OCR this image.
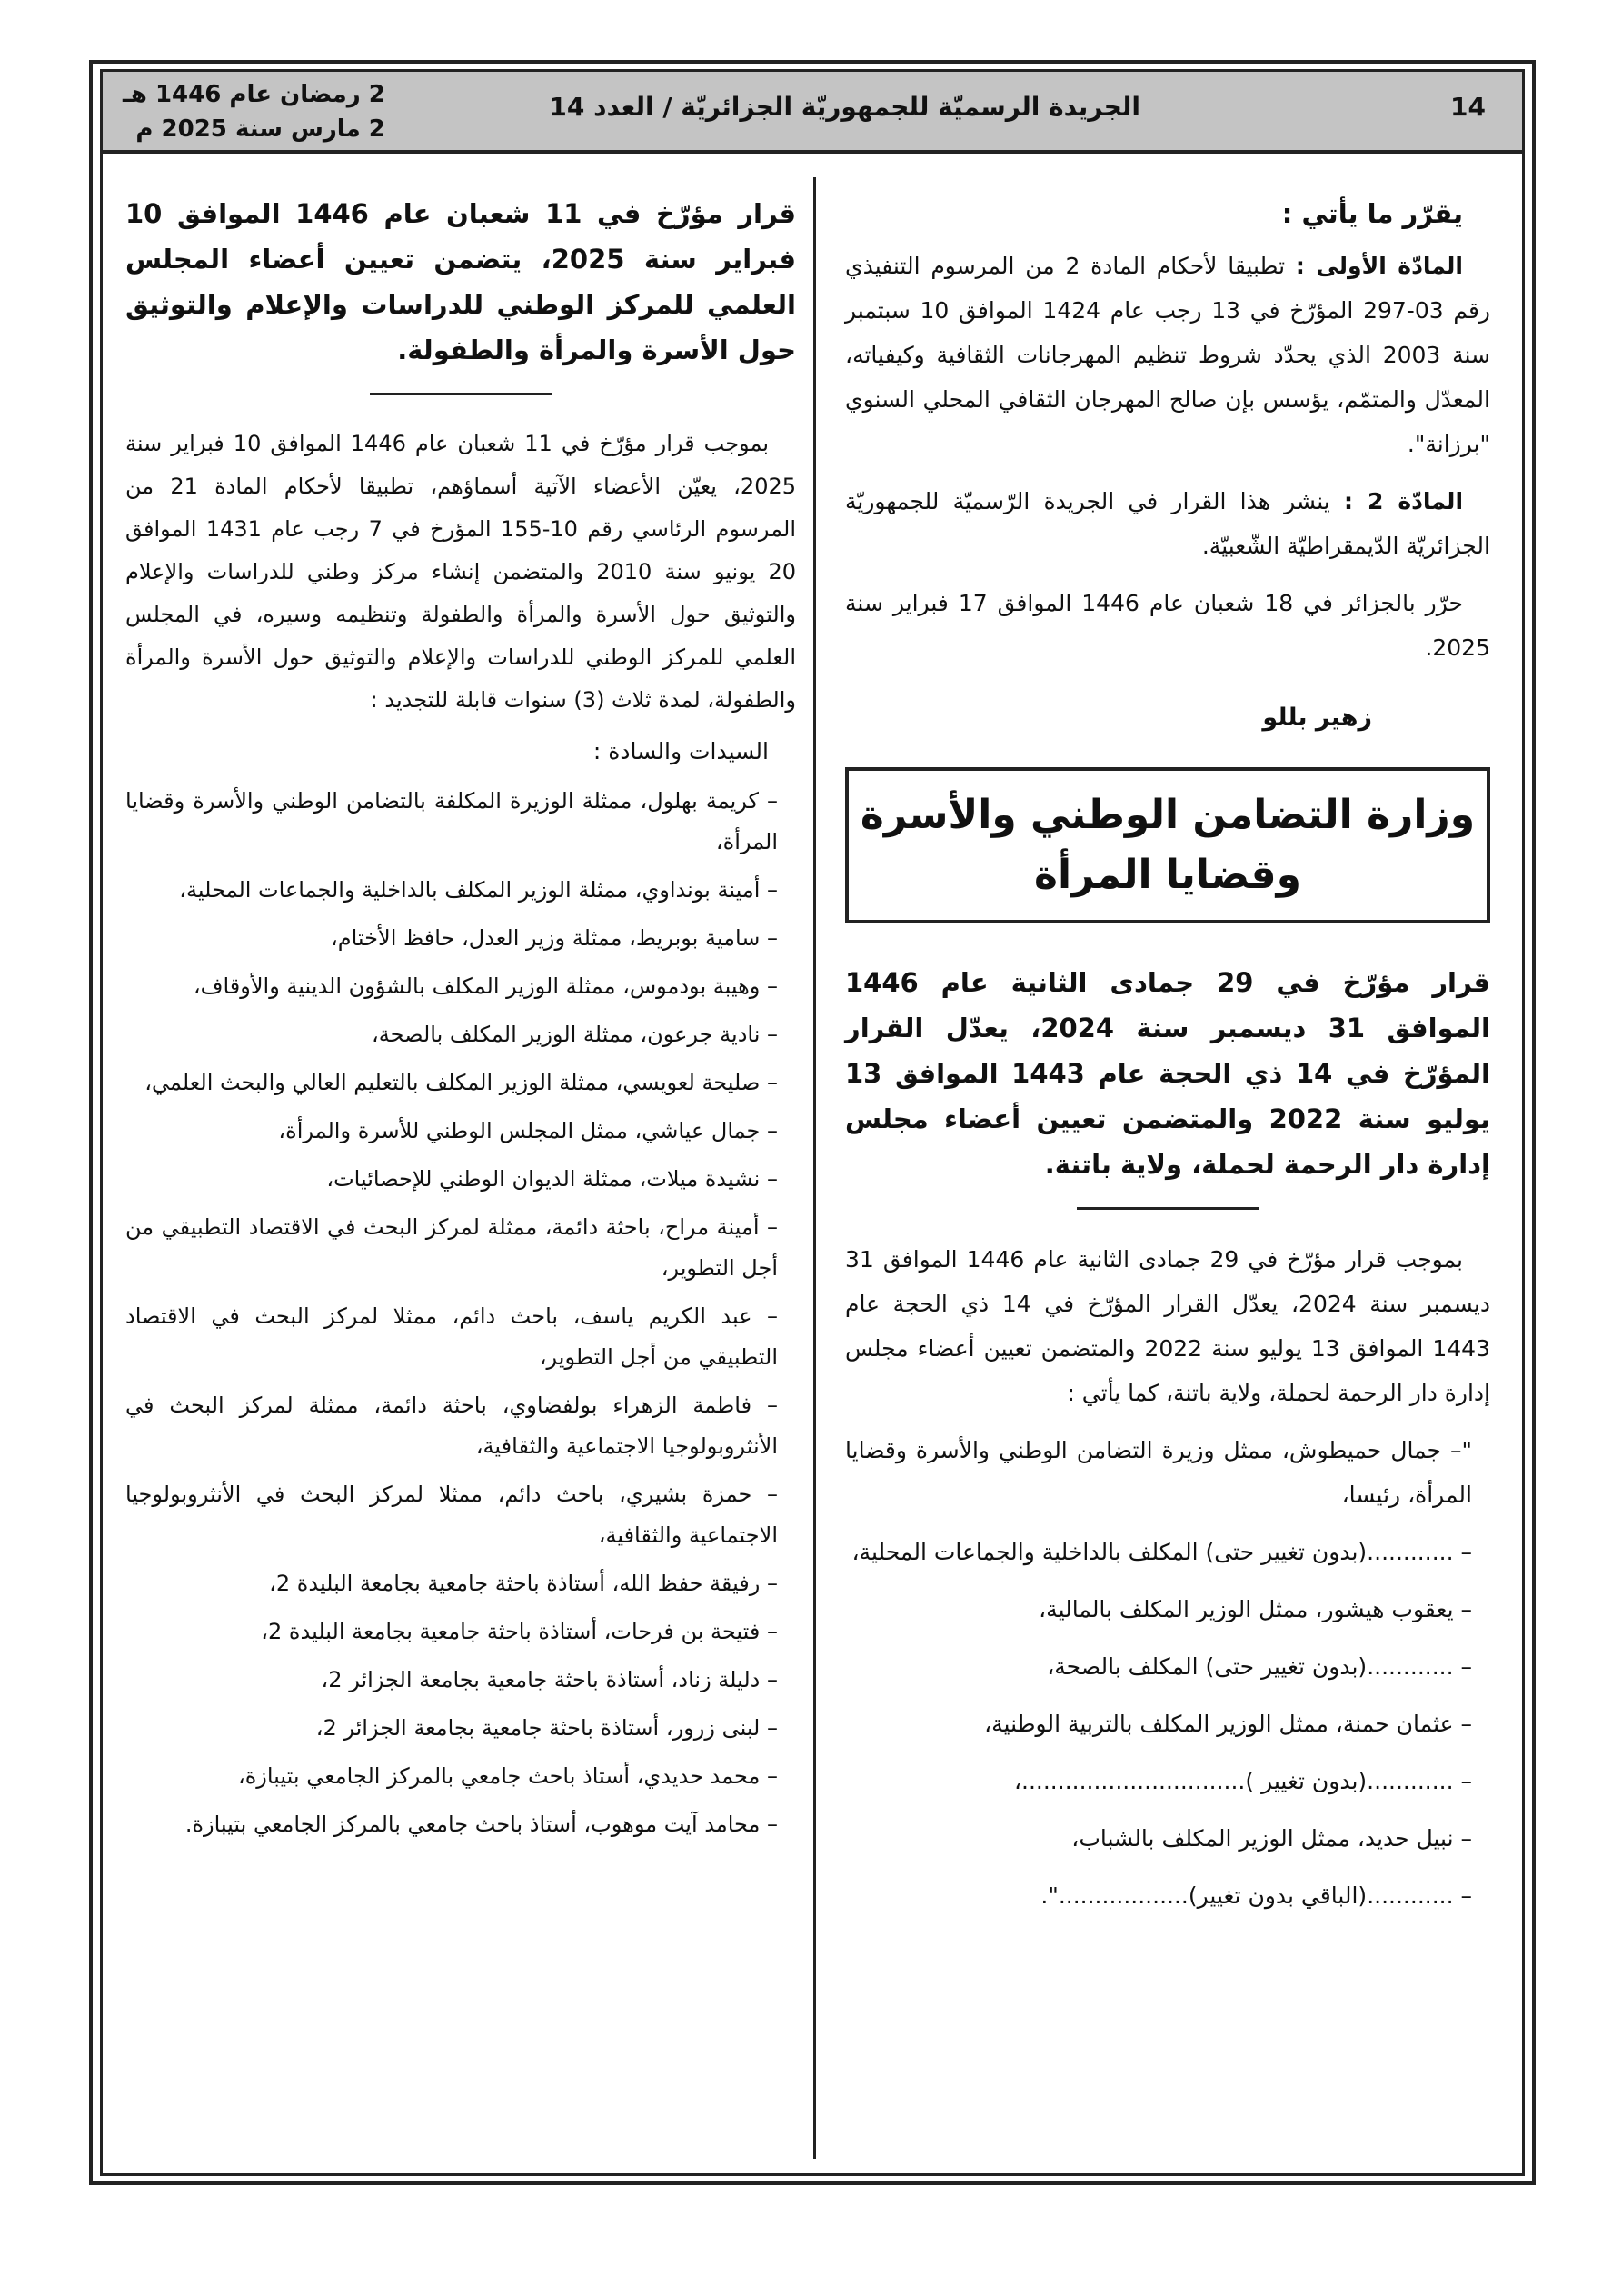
14
الجريدة الرسميّة للجمهوريّة الجزائريّة / العدد 14
2 رمضان عام 1446 هـ
2 مارس سنة 2025 م

يقرّر ما يأتي :

المادّة الأولى : تطبيقا لأحكام المادة 2 من المرسوم التنفيذي رقم 03-297 المؤرّخ في 13 رجب عام 1424 الموافق 10 سبتمبر سنة 2003 الذي يحدّد شروط تنظيم المهرجانات الثقافية وكيفياته، المعدّل والمتمّم، يؤسس بإن صالح المهرجان الثقافي المحلي السنوي "برزانة".

المادّة 2 : ينشر هذا القرار في الجريدة الرّسميّة للجمهوريّة الجزائريّة الدّيمقراطيّة الشّعبيّة.

حرّر بالجزائر في 18 شعبان عام 1446 الموافق 17 فبراير سنة 2025.

زهير بللو

وزارة التضامن الوطني والأسرة وقضايا المرأة

قرار مؤرّخ في 29 جمادى الثانية عام 1446 الموافق 31 ديسمبر سنة 2024، يعدّل القرار المؤرّخ في 14 ذي الحجة عام 1443 الموافق 13 يوليو سنة 2022 والمتضمن تعيين أعضاء مجلس إدارة دار الرحمة لحملة، ولاية باتنة.

بموجب قرار مؤرّخ في 29 جمادى الثانية عام 1446 الموافق 31 ديسمبر سنة 2024، يعدّل القرار المؤرّخ في 14 ذي الحجة عام 1443 الموافق 13 يوليو سنة 2022 والمتضمن تعيين أعضاء مجلس إدارة دار الرحمة لحملة، ولاية باتنة، كما يأتي :

"– جمال حميطوش، ممثل وزيرة التضامن الوطني والأسرة وقضايا المرأة، رئيسا،

– ............(بدون تغيير حتى) المكلف بالداخلية والجماعات المحلية،

– يعقوب هيشور، ممثل الوزير المكلف بالمالية،

– ............(بدون تغيير حتى) المكلف بالصحة،

– عثمان حمنة، ممثل الوزير المكلف بالتربية الوطنية،

– ............(بدون تغيير )...............................،

– نبيل حديد، ممثل الوزير المكلف بالشباب،

– ............(الباقي بدون تغيير)..................".

قرار مؤرّخ في 11 شعبان عام 1446 الموافق 10 فبراير سنة 2025، يتضمن تعيين أعضاء المجلس العلمي للمركز الوطني للدراسات والإعلام والتوثيق حول الأسرة والمرأة والطفولة.

بموجب قرار مؤرّخ في 11 شعبان عام 1446 الموافق 10 فبراير سنة 2025، يعيّن الأعضاء الآتية أسماؤهم، تطبيقا لأحكام المادة 21 من المرسوم الرئاسي رقم 10-155 المؤرخ في 7 رجب عام 1431 الموافق 20 يونيو سنة 2010 والمتضمن إنشاء مركز وطني للدراسات والإعلام والتوثيق حول الأسرة والمرأة والطفولة وتنظيمه وسيره، في المجلس العلمي للمركز الوطني للدراسات والإعلام والتوثيق حول الأسرة والمرأة والطفولة، لمدة ثلاث (3) سنوات قابلة للتجديد :

السيدات والسادة :

– كريمة بهلول، ممثلة الوزيرة المكلفة بالتضامن الوطني والأسرة وقضايا المرأة،

– أمينة بونداوي، ممثلة الوزير المكلف بالداخلية والجماعات المحلية،

– سامية بوبريط، ممثلة وزير العدل، حافظ الأختام،

– وهيبة بودموس، ممثلة الوزير المكلف بالشؤون الدينية والأوقاف،

– نادية جرعون، ممثلة الوزير المكلف بالصحة،

– صليحة لعويسي، ممثلة الوزير المكلف بالتعليم العالي والبحث العلمي،

– جمال عياشي، ممثل المجلس الوطني للأسرة والمرأة،

– نشيدة ميلات، ممثلة الديوان الوطني للإحصائيات،

– أمينة مراح، باحثة دائمة، ممثلة لمركز البحث في الاقتصاد التطبيقي من أجل التطوير،

– عبد الكريم ياسف، باحث دائم، ممثلا لمركز البحث في الاقتصاد التطبيقي من أجل التطوير،

– فاطمة الزهراء بولفضاوي، باحثة دائمة، ممثلة لمركز البحث في الأنثروبولوجيا الاجتماعية والثقافية،

– حمزة بشيري، باحث دائم، ممثلا لمركز البحث في الأنثروبولوجيا الاجتماعية والثقافية،

– رفيقة حفظ الله، أستاذة باحثة جامعية بجامعة البليدة 2،

– فتيحة بن فرحات، أستاذة باحثة جامعية بجامعة البليدة 2،

– دليلة زناد، أستاذة باحثة جامعية بجامعة الجزائر 2،

– لبنى زرور، أستاذة باحثة جامعية بجامعة الجزائر 2،

– محمد حديدي، أستاذ باحث جامعي بالمركز الجامعي بتيبازة،

– محامد آيت موهوب، أستاذ باحث جامعي بالمركز الجامعي بتيبازة.
